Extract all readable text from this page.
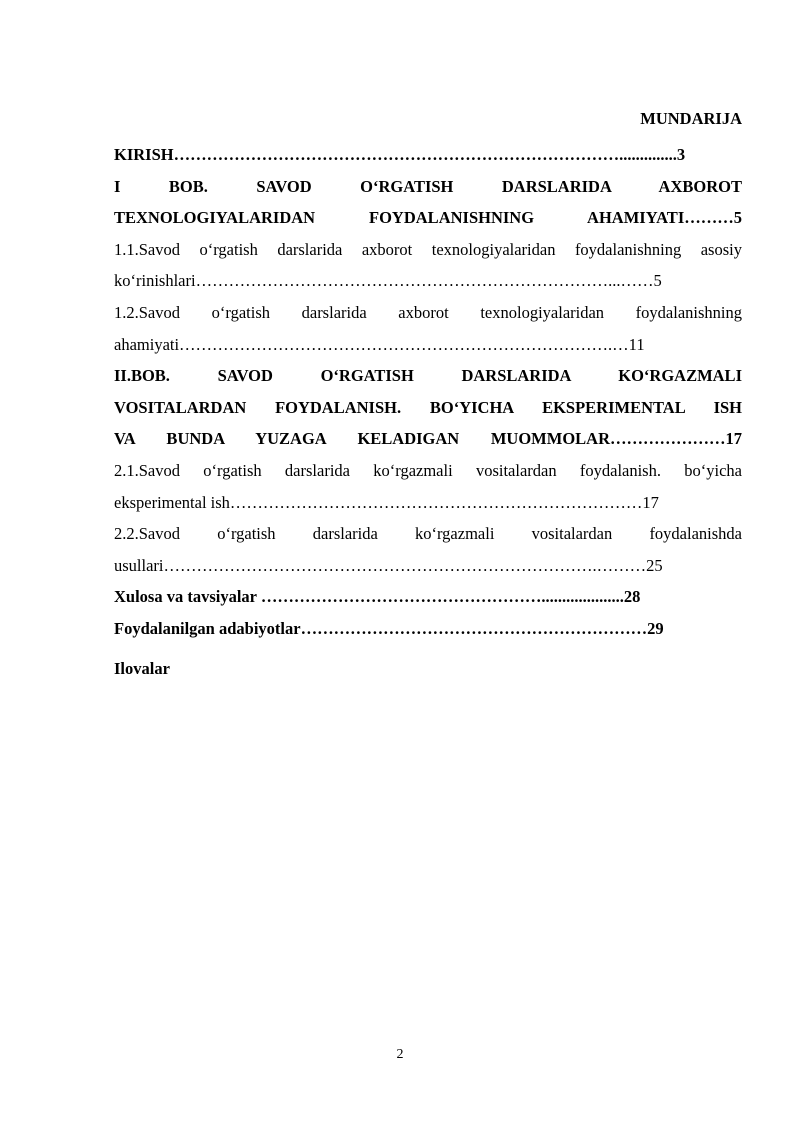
MUNDARIJA
KIRISH………………………………………………………………………..............3
I BOB. SAVOD O‘RGATISH DARSLARIDA AXBOROT
TEXNOLOGIYALARIDAN FOYDALANISHNING AHAMIYATI………5
1.1.Savod o‘rgatish darslarida axborot texnologiyalaridan foydalanishning asosiy
ko‘rinishlari…………………………………………………………………...……5
1.2.Savod o‘rgatish darslarida axborot texnologiyalaridan foydalanishning
ahamiyati…………………………………………………………………….…11
II.BOB. SAVOD O‘RGATISH DARSLARIDA KO‘RGAZMALI
VOSITALARDAN FOYDALANISH. BO‘YICHA EKSPERIMENTAL ISH
VA BUNDA YUZAGA KELADIGAN MUOMMOLAR…………………17
2.1.Savod o‘rgatish darslarida ko‘rgazmali vositalardan foydalanish. bo‘yicha
eksperimental ish…………………………………………………………………17
2.2.Savod o‘rgatish darslarida ko‘rgazmali vositalardan foydalanishda
usullari…………………………………………………………………….………25
Xulosa va tavsiyalar ……………………………………………....................28
Foydalanilgan adabiyotlar………………………………………………………29
Ilovalar
2
